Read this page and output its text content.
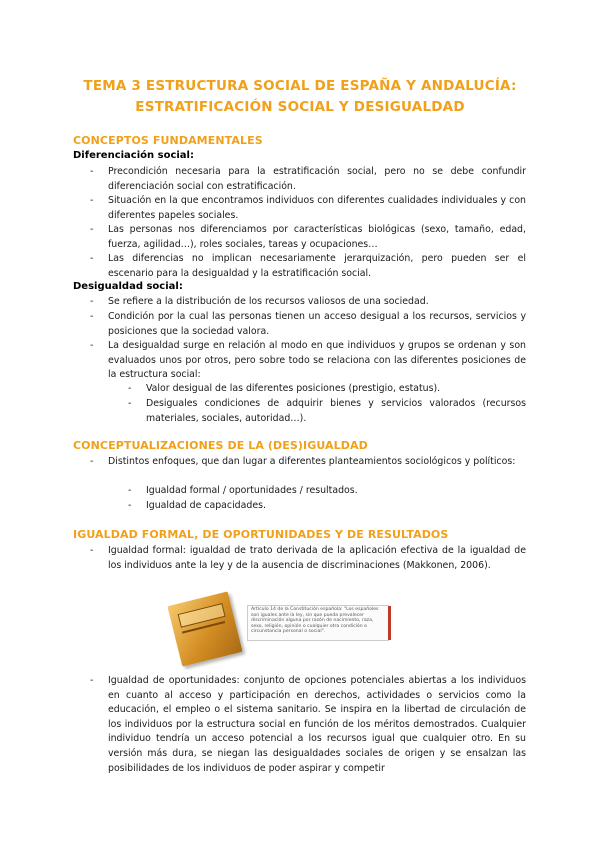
TEMA 3 ESTRUCTURA SOCIAL DE ESPAÑA Y ANDALUCÍA:
ESTRATIFICACIÓN SOCIAL Y DESIGUALDAD
CONCEPTOS FUNDAMENTALES
Diferenciación social:
- Precondición necesaria para la estratificación social, pero no se debe confundir diferenciación social con estratificación.
- Situación en la que encontramos individuos con diferentes cualidades individuales y con diferentes papeles sociales.
- Las personas nos diferenciamos por características biológicas (sexo, tamaño, edad, fuerza, agilidad…), roles sociales, tareas y ocupaciones…
- Las diferencias no implican necesariamente jerarquización, pero pueden ser el escenario para la desigualdad y la estratificación social.
Desigualdad social:
- Se refiere a la distribución de los recursos valiosos de una sociedad.
- Condición por la cual las personas tienen un acceso desigual a los recursos, servicios y posiciones que la sociedad valora.
- La desigualdad surge en relación al modo en que individuos y grupos se ordenan y son evaluados unos por otros, pero sobre todo se relaciona con las diferentes posiciones de la estructura social:
- Valor desigual de las diferentes posiciones (prestigio, estatus).
- Desiguales condiciones de adquirir bienes y servicios valorados (recursos materiales, sociales, autoridad…).
CONCEPTUALIZACIONES DE LA (DES)IGUALDAD
- Distintos enfoques, que dan lugar a diferentes planteamientos sociológicos y políticos:
- Igualdad formal / oportunidades / resultados.
- Igualdad de capacidades.
IGUALDAD FORMAL, DE OPORTUNIDADES Y DE RESULTADOS
- Igualdad formal: igualdad de trato derivada de la aplicación efectiva de la igualdad de los individuos ante la ley y de la ausencia de discriminaciones (Makkonen, 2006).
Artículo 14 de la Constitución española: "Los españoles son iguales ante la ley, sin que pueda prevalecer discriminación alguna por razón de nacimiento, raza, sexo, religión, opinión o cualquier otra condición o circunstancia personal o social".
- Igualdad de oportunidades: conjunto de opciones potenciales abiertas a los individuos en cuanto al acceso y participación en derechos, actividades o servicios como la educación, el empleo o el sistema sanitario. Se inspira en la libertad de circulación de los individuos por la estructura social en función de los méritos demostrados. Cualquier individuo tendría un acceso potencial a los recursos igual que cualquier otro. En su versión más dura, se niegan las desigualdades sociales de origen y se ensalzan las posibilidades de los individuos de poder aspirar y competir
